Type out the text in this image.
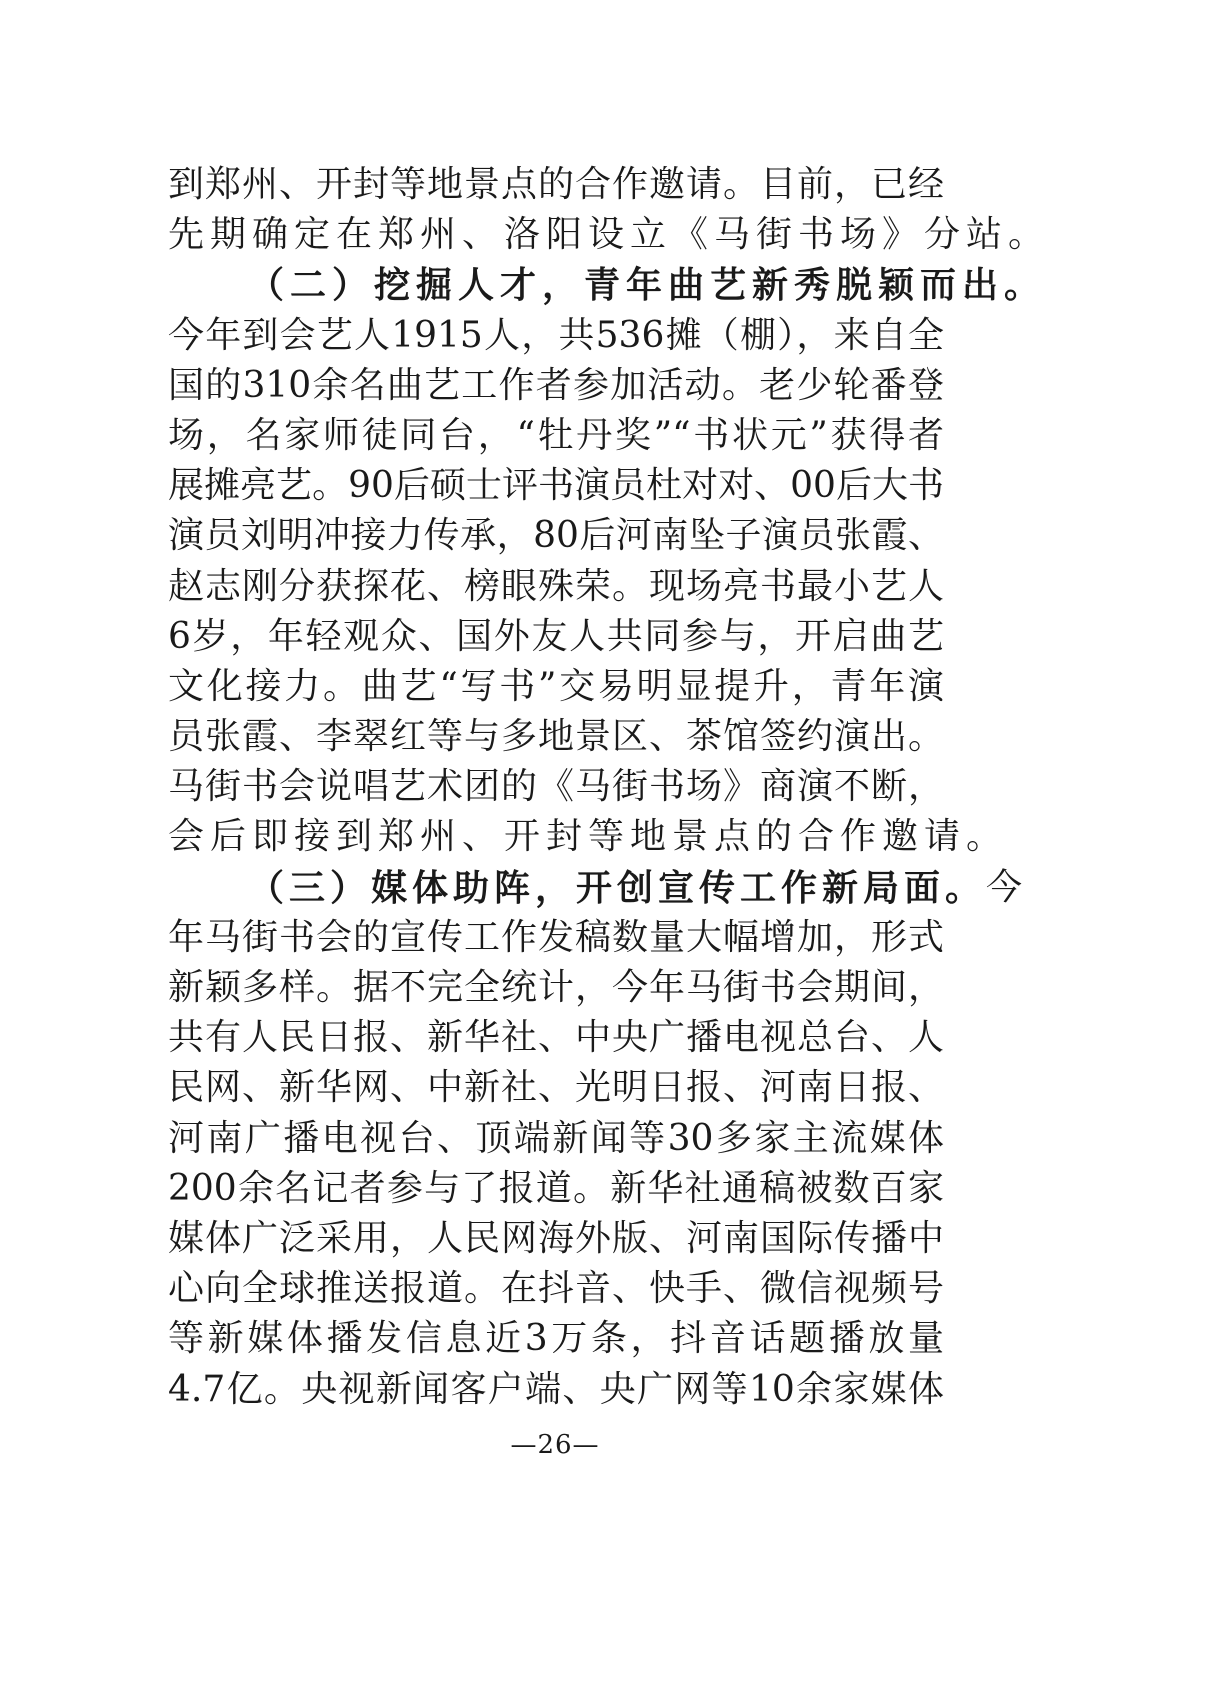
到郑州、开封等地景点的合作邀请。目前，已经
先期确定在郑州、洛阳设立《马街书场》分站。
（二）挖掘人才，青年曲艺新秀脱颖而出。
今年到会艺人1915人，共536摊（棚），来自全
国的310余名曲艺工作者参加活动。老少轮番登
场，名家师徒同台，“牡丹奖”“书状元”获得者
展摊亮艺。90后硕士评书演员杜对对、00后大书
演员刘明冲接力传承，80后河南坠子演员张霞、
赵志刚分获探花、榜眼殊荣。现场亮书最小艺人
6岁，年轻观众、国外友人共同参与，开启曲艺
文化接力。曲艺“写书”交易明显提升，青年演
员张霞、李翠红等与多地景区、茶馆签约演出。
马街书会说唱艺术团的《马街书场》商演不断，
会后即接到郑州、开封等地景点的合作邀请。
（三）媒体助阵，开创宣传工作新局面。 今
年马街书会的宣传工作发稿数量大幅增加，形式
新颖多样。据不完全统计，今年马街书会期间，
共有人民日报、新华社、中央广播电视总台、人
民网、新华网、中新社、光明日报、河南日报、
河南广播电视台、顶端新闻等30多家主流媒体
200余名记者参与了报道。新华社通稿被数百家
媒体广泛采用，人民网海外版、河南国际传播中
心向全球推送报道。在抖音、快手、微信视频号
等新媒体播发信息近3万条，抖音话题播放量
4.7亿。央视新闻客户端、央广网等10余家媒体
—26—
